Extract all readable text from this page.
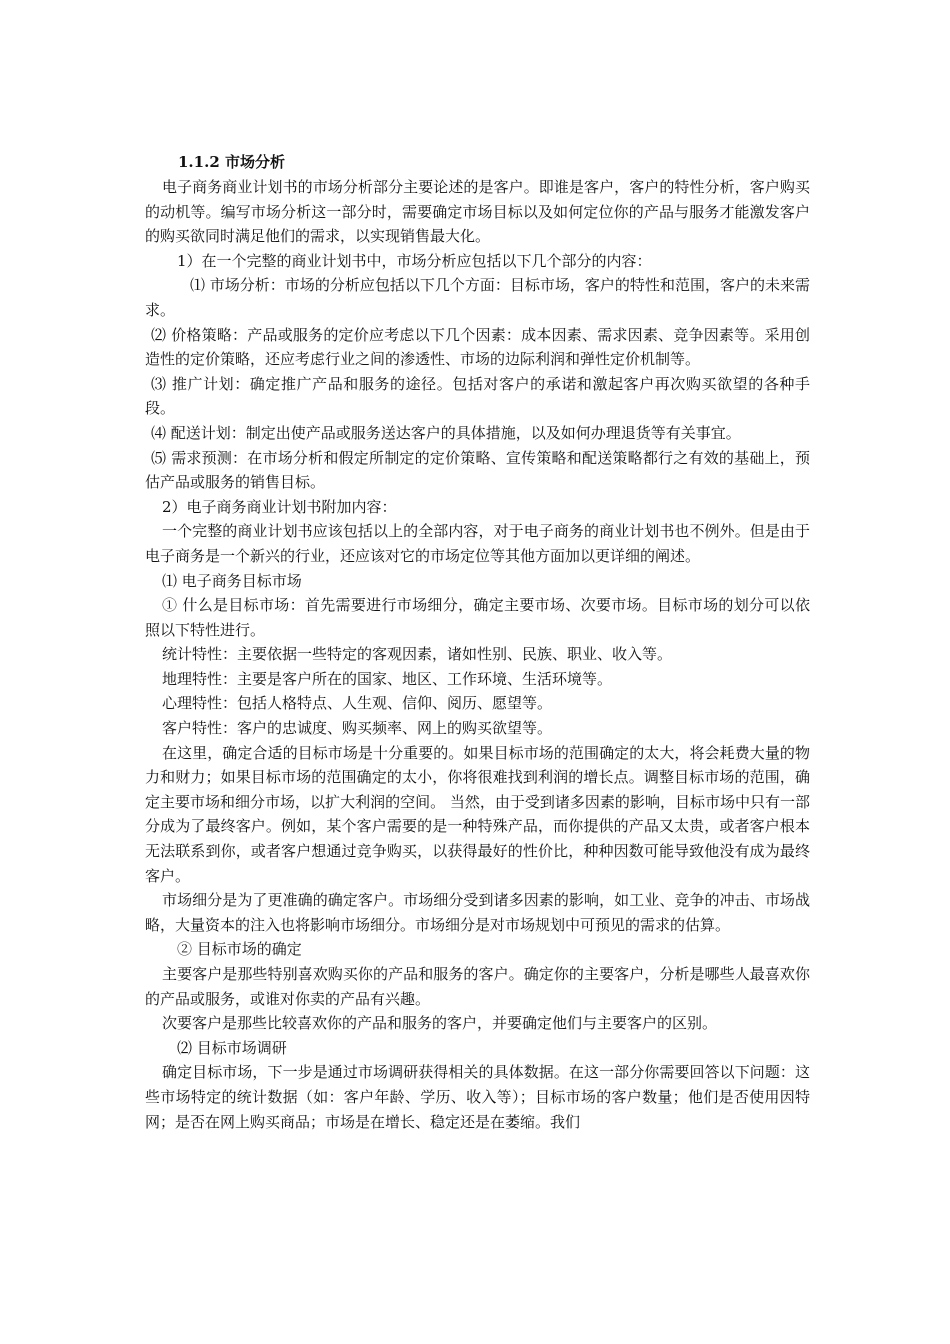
1.1.2 市场分析

电子商务商业计划书的市场分析部分主要论述的是客户。即谁是客户，客户的特性分析，客户购买的动机等。编写市场分析这一部分时，需要确定市场目标以及如何定位你的产品与服务才能激发客户的购买欲同时满足他们的需求，以实现销售最大化。

1）在一个完整的商业计划书中，市场分析应包括以下几个部分的内容：

⑴ 市场分析：市场的分析应包括以下几个方面：目标市场，客户的特性和范围，客户的未来需求。

⑵ 价格策略：产品或服务的定价应考虑以下几个因素：成本因素、需求因素、竞争因素等。采用创造性的定价策略，还应考虑行业之间的渗透性、市场的边际利润和弹性定价机制等。

⑶ 推广计划：确定推广产品和服务的途径。包括对客户的承诺和激起客户再次购买欲望的各种手段。

⑷ 配送计划：制定出使产品或服务送达客户的具体措施，以及如何办理退货等有关事宜。

⑸ 需求预测：在市场分析和假定所制定的定价策略、宣传策略和配送策略都行之有效的基础上，预估产品或服务的销售目标。

2）电子商务商业计划书附加内容：

一个完整的商业计划书应该包括以上的全部内容，对于电子商务的商业计划书也不例外。但是由于电子商务是一个新兴的行业，还应该对它的市场定位等其他方面加以更详细的阐述。

⑴ 电子商务目标市场

① 什么是目标市场：首先需要进行市场细分，确定主要市场、次要市场。目标市场的划分可以依照以下特性进行。

统计特性：主要依据一些特定的客观因素，诸如性别、民族、职业、收入等。

地理特性：主要是客户所在的国家、地区、工作环境、生活环境等。

心理特性：包括人格特点、人生观、信仰、阅历、愿望等。

客户特性：客户的忠诚度、购买频率、网上的购买欲望等。

在这里，确定合适的目标市场是十分重要的。如果目标市场的范围确定的太大，将会耗费大量的物力和财力；如果目标市场的范围确定的太小，你将很难找到利润的增长点。调整目标市场的范围，确定主要市场和细分市场，以扩大利润的空间。 当然，由于受到诸多因素的影响，目标市场中只有一部分成为了最终客户。例如，某个客户需要的是一种特殊产品，而你提供的产品又太贵，或者客户根本无法联系到你，或者客户想通过竞争购买，以获得最好的性价比，种种因数可能导致他没有成为最终客户。

市场细分是为了更准确的确定客户。市场细分受到诸多因素的影响，如工业、竞争的冲击、市场战略，大量资本的注入也将影响市场细分。市场细分是对市场规划中可预见的需求的估算。

② 目标市场的确定

主要客户是那些特别喜欢购买你的产品和服务的客户。确定你的主要客户，分析是哪些人最喜欢你的产品或服务，或谁对你卖的产品有兴趣。

次要客户是那些比较喜欢你的产品和服务的客户，并要确定他们与主要客户的区别。

⑵ 目标市场调研

确定目标市场，下一步是通过市场调研获得相关的具体数据。在这一部分你需要回答以下问题：这些市场特定的统计数据（如：客户年龄、学历、收入等）；目标市场的客户数量；他们是否使用因特网；是否在网上购买商品；市场是在增长、稳定还是在萎缩。我们
